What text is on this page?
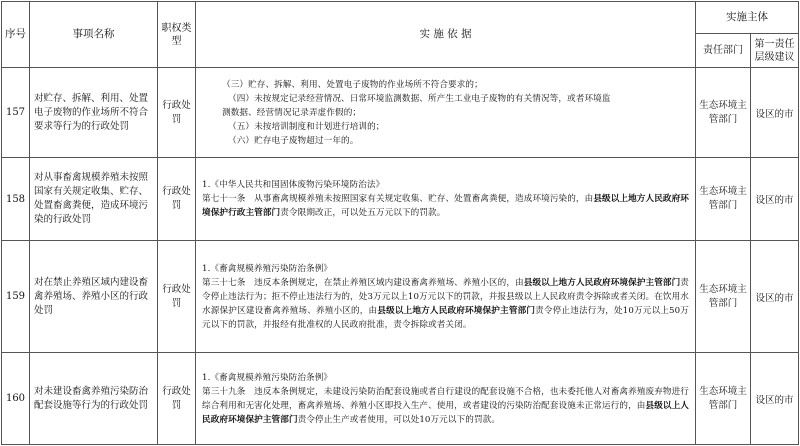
序号	事项名称	职权类型	实 施 依 据	实施主体	
				责任部门	第一责任层级建议
157	对贮存、拆解、利用、处置电子废物的作业场所不符合要求等行为的行政处罚	行政处罚	（三）贮存、拆解、利用、处置电子废物的作业场所不符合要求的；
（四）未按规定记录经营情况、日常环境监测数据、所产生工业电子废物的有关情况等，或者环境监
测数据、经营情况记录弄虚作假的；
（五）未按培训制度和计划进行培训的；
（六）贮存电子废物超过一年的。	生态环境主管部门	设区的市
158	对从事畜禽规模养殖未按照国家有关规定收集、贮存、处置畜禽粪便，造成环境污染的行政处罚	行政处罚	1.《中华人民共和国固体废物污染环境防治法》
第七十一条　从事畜禽规模养殖未按照国家有关规定收集、贮存、处置畜禽粪便，造成环境污染的，由县级以上地方人民政府环境保护行政主管部门责令限期改正，可以处五万元以下的罚款。	生态环境主管部门	设区的市
159	对在禁止养殖区域内建设畜禽养殖场、养殖小区的行政处罚	行政处罚	1.《畜禽规模养殖污染防治条例》
第三十七条　违反本条例规定，在禁止养殖区域内建设畜禽养殖场、养殖小区的，由县级以上地方人民政府环境保护主管部门责令停止违法行为；拒不停止违法行为的，处3万元以上10万元以下的罚款，并报县级以上人民政府责令拆除或者关闭。在饮用水水源保护区建设畜禽养殖场、养殖小区的，由县级以上地方人民政府环境保护主管部门责令停止违法行为，处10万元以上50万元以下的罚款，并报经有批准权的人民政府批准，责令拆除或者关闭。	生态环境主管部门	设区的市
160	对未建设畜禽养殖污染防治配套设施等行为的行政处罚	行政处罚	1.《畜禽规模养殖污染防治条例》
第三十九条　违反本条例规定，未建设污染防治配套设施或者自行建设的配套设施不合格，也未委托他人对畜禽养殖废弃物进行综合利用和无害化处理，畜禽养殖场、养殖小区即投入生产、使用，或者建设的污染防治配套设施未正常运行的，由县级以上人民政府环境保护主管部门责令停止生产或者使用，可以处10万元以下的罚款。	生态环境主管部门	设区的市
